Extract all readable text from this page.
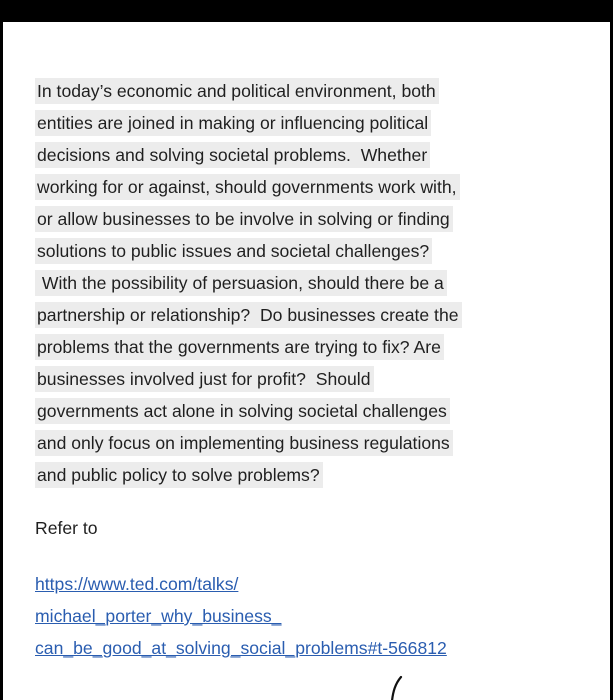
In today’s economic and political environment, both
entities are joined in making or influencing political
decisions and solving societal problems.  Whether
working for or against, should governments work with,
or allow businesses to be involve in solving or finding
solutions to public issues and societal challenges?
With the possibility of persuasion, should there be a
partnership or relationship?  Do businesses create the
problems that the governments are trying to fix? Are
businesses involved just for profit?  Should
governments act alone in solving societal challenges
and only focus on implementing business regulations
and public policy to solve problems?
Refer to
https://www.ted.com/talks/
michael_porter_why_business_
can_be_good_at_solving_social_problems#t-566812
